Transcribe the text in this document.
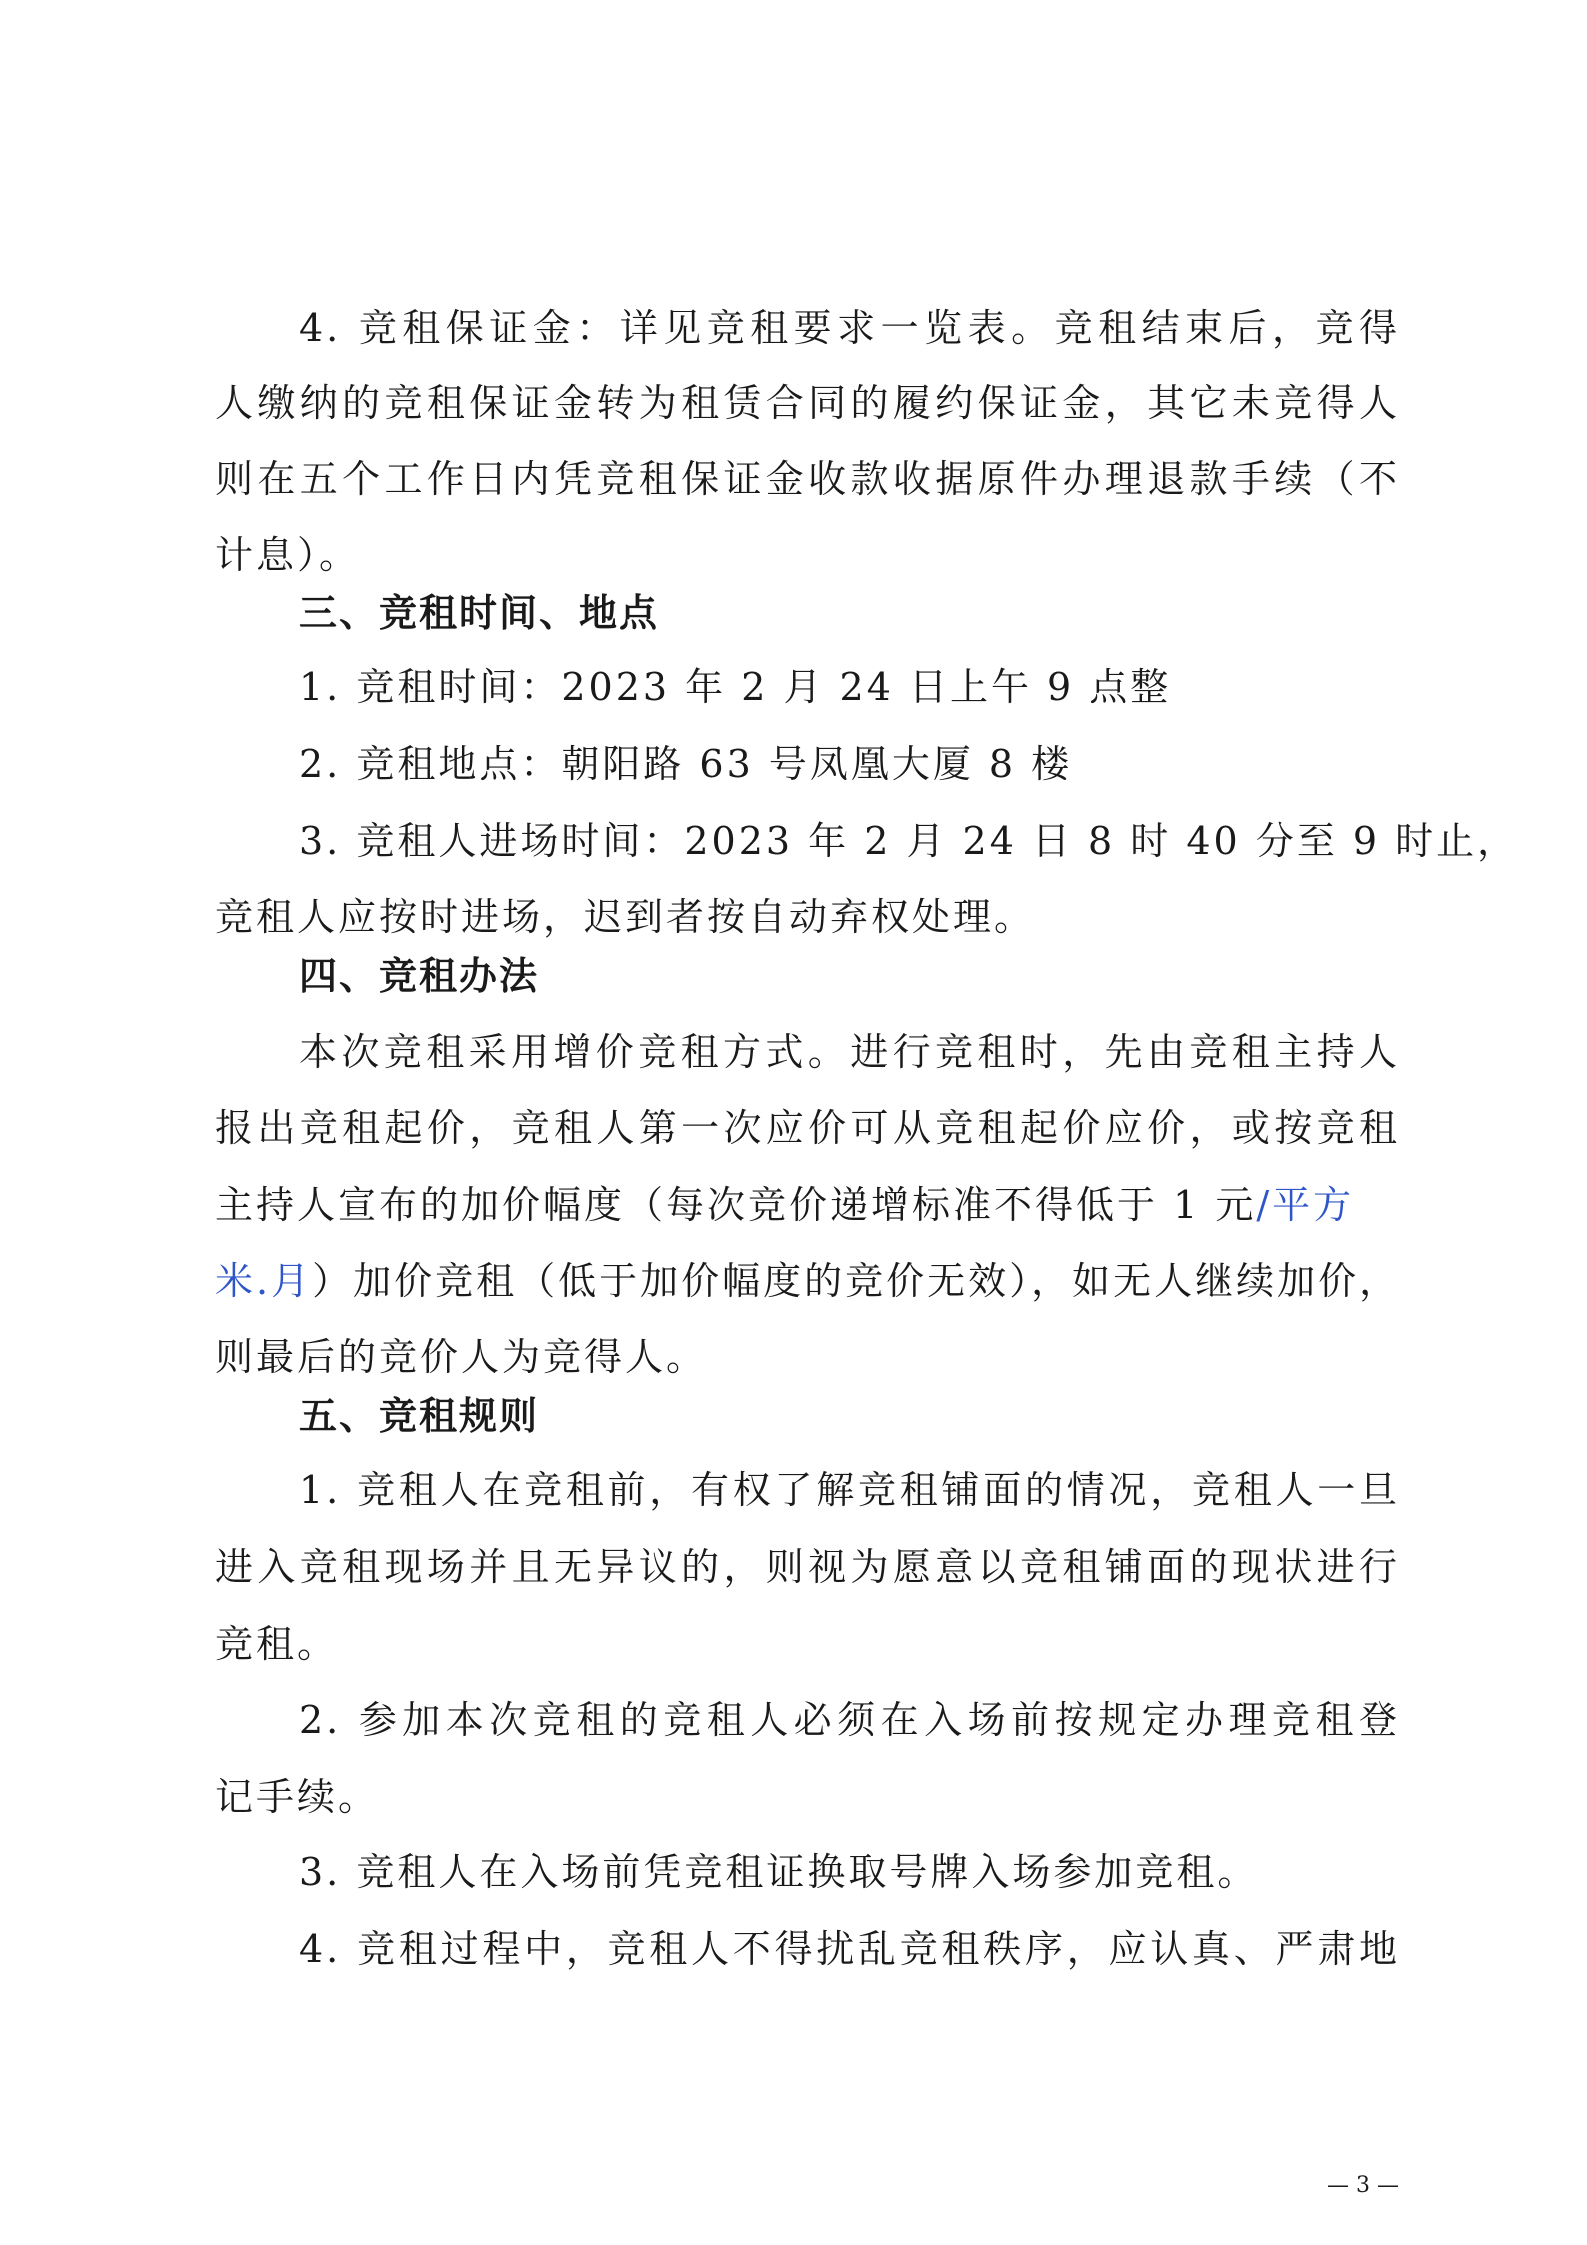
4. 竞租保证金：详见竞租要求一览表。竞租结束后，竞得
人缴纳的竞租保证金转为租赁合同的履约保证金，其它未竞得人
则在五个工作日内凭竞租保证金收款收据原件办理退款手续（不
计息）。
三、竞租时间、地点
1. 竞租时间：2023 年 2 月 24 日上午 9 点整
2. 竞租地点：朝阳路 63 号凤凰大厦 8 楼
3. 竞租人进场时间：2023 年 2 月 24 日 8 时 40 分至 9 时止，
竞租人应按时进场，迟到者按自动弃权处理。
四、竞租办法
本次竞租采用增价竞租方式。进行竞租时，先由竞租主持人
报出竞租起价，竞租人第一次应价可从竞租起价应价，或按竞租
主持人宣布的加价幅度（每次竞价递增标准不得低于 1 元/平方
米.月）加价竞租（低于加价幅度的竞价无效），如无人继续加价，
则最后的竞价人为竞得人。
五、竞租规则
1. 竞租人在竞租前，有权了解竞租铺面的情况，竞租人一旦
进入竞租现场并且无异议的，则视为愿意以竞租铺面的现状进行
竞租。
2. 参加本次竞租的竞租人必须在入场前按规定办理竞租登
记手续。
3. 竞租人在入场前凭竞租证换取号牌入场参加竞租。
4. 竞租过程中，竞租人不得扰乱竞租秩序，应认真、严肃地
— 3 —
